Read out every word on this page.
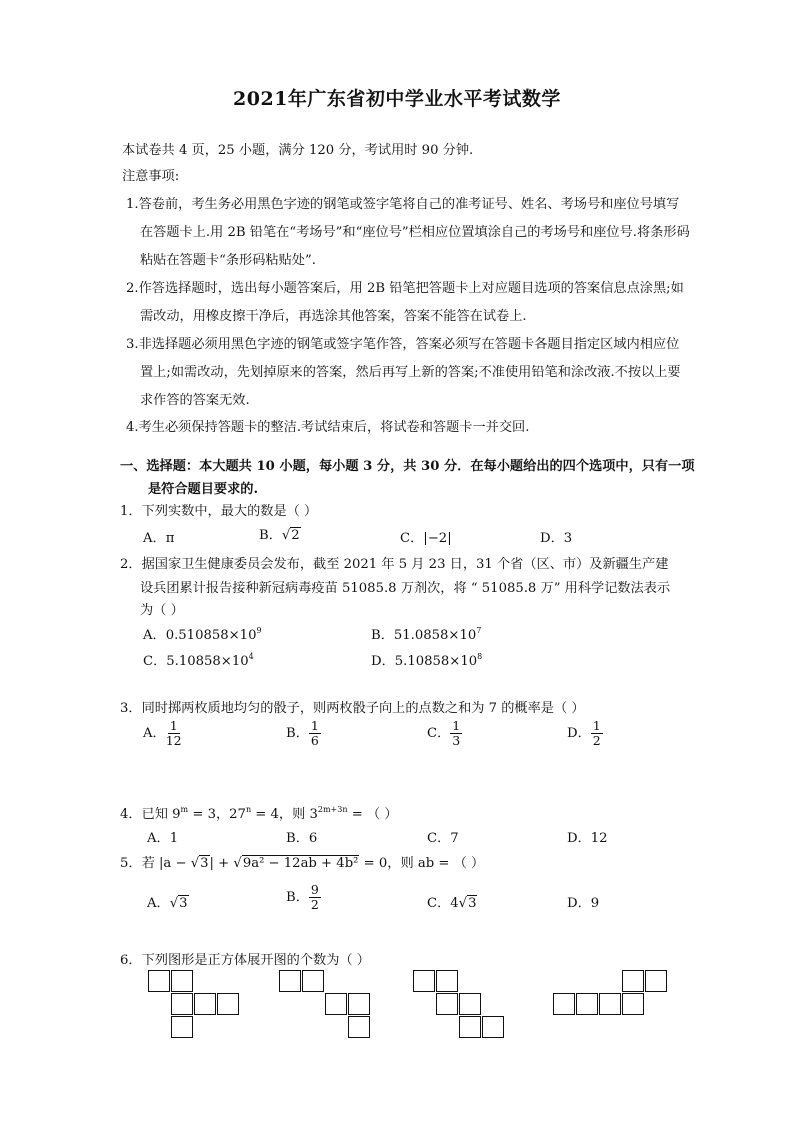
2021年广东省初中学业水平考试数学
本试卷共 4 页，25 小题，满分 120 分，考试用时 90 分钟.
注意事项:
1.答卷前，考生务必用黑色字迹的钢笔或签字笔将自己的准考证号、姓名、考场号和座位号填写
在答题卡上.用 2B 铅笔在“考场号”和“座位号”栏相应位置填涂自己的考场号和座位号.将条形码
粘贴在答题卡“条形码粘贴处”.
2.作答选择题时，选出每小题答案后，用 2B 铅笔把答题卡上对应题目选项的答案信息点涂黑;如
需改动，用橡皮擦干净后，再选涂其他答案，答案不能答在试卷上.
3.非选择题必须用黑色字迹的钢笔或签字笔作答，答案必须写在答题卡各题目指定区域内相应位
置上;如需改动，先划掉原来的答案，然后再写上新的答案;不准使用铅笔和涂改液.不按以上要
求作答的答案无效.
4.考生必须保持答题卡的整洁.考试结束后，将试卷和答题卡一并交回.
一、选择题：本大题共 10 小题，每小题 3 分，共 30 分．在每小题给出的四个选项中，只有一项
是符合题目要求的.
1．下列实数中，最大的数是（ ）
A．π	B．√2	C．|−2|	D．3
2．据国家卫生健康委员会发布，截至 2021 年 5 月 23 日，31 个省（区、市）及新疆生产建
设兵团累计报告接种新冠病毒疫苗 51085.8 万剂次，将 “ 51085.8 万” 用科学记数法表示
为（ ）
A．$0.510858\times 10^9$	B．$51.0858\times 10^7$
C．$5.10858\times 10^4$	D．$5.10858\times 10^8$
3．同时掷两枚质地均匀的骰子，则两枚骰子向上的点数之和为 7 的概率是（ ）
A． $\frac{1}{12}$	B． $\frac{1}{6}$	C． $\frac{1}{3}$	D． $\frac{1}{2}$
4．已知 $9^m = 3$，$27^n = 4$，则 $3^{2m+3n}$ = （ ）
A．1	B．6	C．7	D．12
5．若 |a − √3| + √9a² − 12ab + 4b² = 0，则 ab = （ ）
A．√3	B． $\frac{9}{2}$	C．4√3	D．9
6．下列图形是正方体展开图的个数为（ ）
